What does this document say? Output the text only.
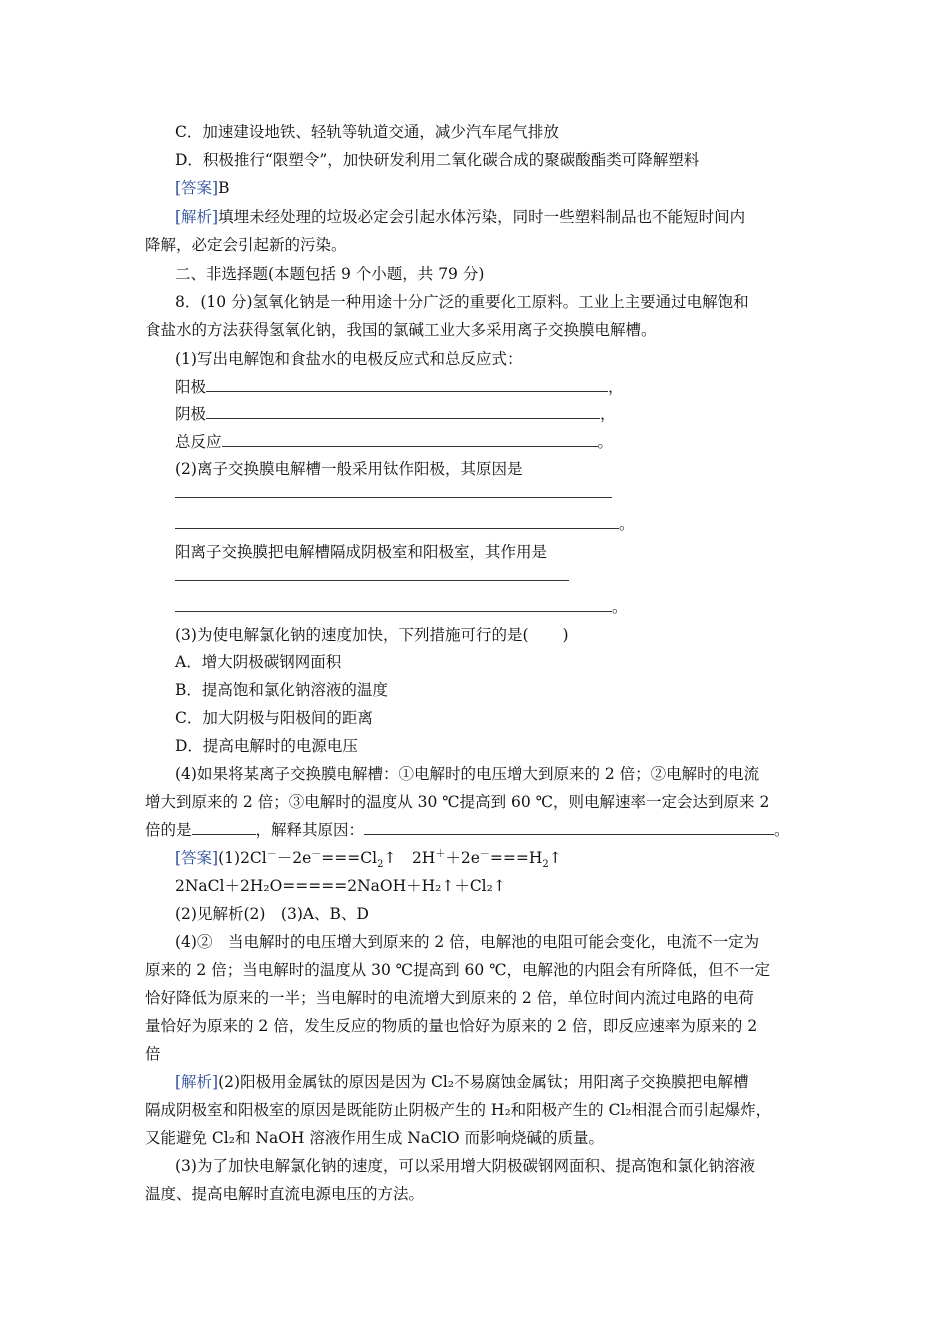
C．加速建设地铁、轻轨等轨道交通，减少汽车尾气排放
D．积极推行“限塑令”，加快研发利用二氧化碳合成的聚碳酸酯类可降解塑料
[答案]B
[解析]填埋未经处理的垃圾必定会引起水体污染，同时一些塑料制品也不能短时间内
降解，必定会引起新的污染。
二、非选择题(本题包括 9 个小题，共 79 分)
8．(10 分)氢氧化钠是一种用途十分广泛的重要化工原料。工业上主要通过电解饱和
食盐水的方法获得氢氧化钠，我国的氯碱工业大多采用离子交换膜电解槽。
(1)写出电解饱和食盐水的电极反应式和总反应式：
阳极	，
阴极	，
总反应	。
(2)离子交换膜电解槽一般采用钛作阳极，其原因是
。
阳离子交换膜把电解槽隔成阴极室和阳极室，其作用是
。
(3)为使电解氯化钠的速度加快，下列措施可行的是( )
A．增大阴极碳钢网面积
B．提高饱和氯化钠溶液的温度
C．加大阴极与阳极间的距离
D．提高电解时的电源电压
(4)如果将某离子交换膜电解槽：①电解时的电压增大到原来的 2 倍；②电解时的电流
增大到原来的 2 倍；③电解时的温度从 30 ℃提高到 60 ℃，则电解速率一定会达到原来 2
倍的是	，解释其原因：	。
[答案]$(1)2Cl^--2e^-===Cl_2↑$　$2H^++2e^-===H_2↑$
2NaCl＋2H₂O=====2NaOH＋H₂↑＋Cl₂↑
(2)见解析(2)　(3)A、B、D
(4)②　当电解时的电压增大到原来的 2 倍，电解池的电阻可能会变化，电流不一定为
原来的 2 倍；当电解时的温度从 30 ℃提高到 60 ℃，电解池的内阻会有所降低，但不一定
恰好降低为原来的一半；当电解时的电流增大到原来的 2 倍，单位时间内流过电路的电荷
量恰好为原来的 2 倍，发生反应的物质的量也恰好为原来的 2 倍，即反应速率为原来的 2
倍
[解析](2)阳极用金属钛的原因是因为 Cl₂不易腐蚀金属钛；用阳离子交换膜把电解槽
隔成阴极室和阳极室的原因是既能防止阴极产生的 H₂和阳极产生的 Cl₂相混合而引起爆炸，
又能避免 Cl₂和 NaOH 溶液作用生成 NaClO 而影响烧碱的质量。
(3)为了加快电解氯化钠的速度，可以采用增大阴极碳钢网面积、提高饱和氯化钠溶液
温度、提高电解时直流电源电压的方法。
